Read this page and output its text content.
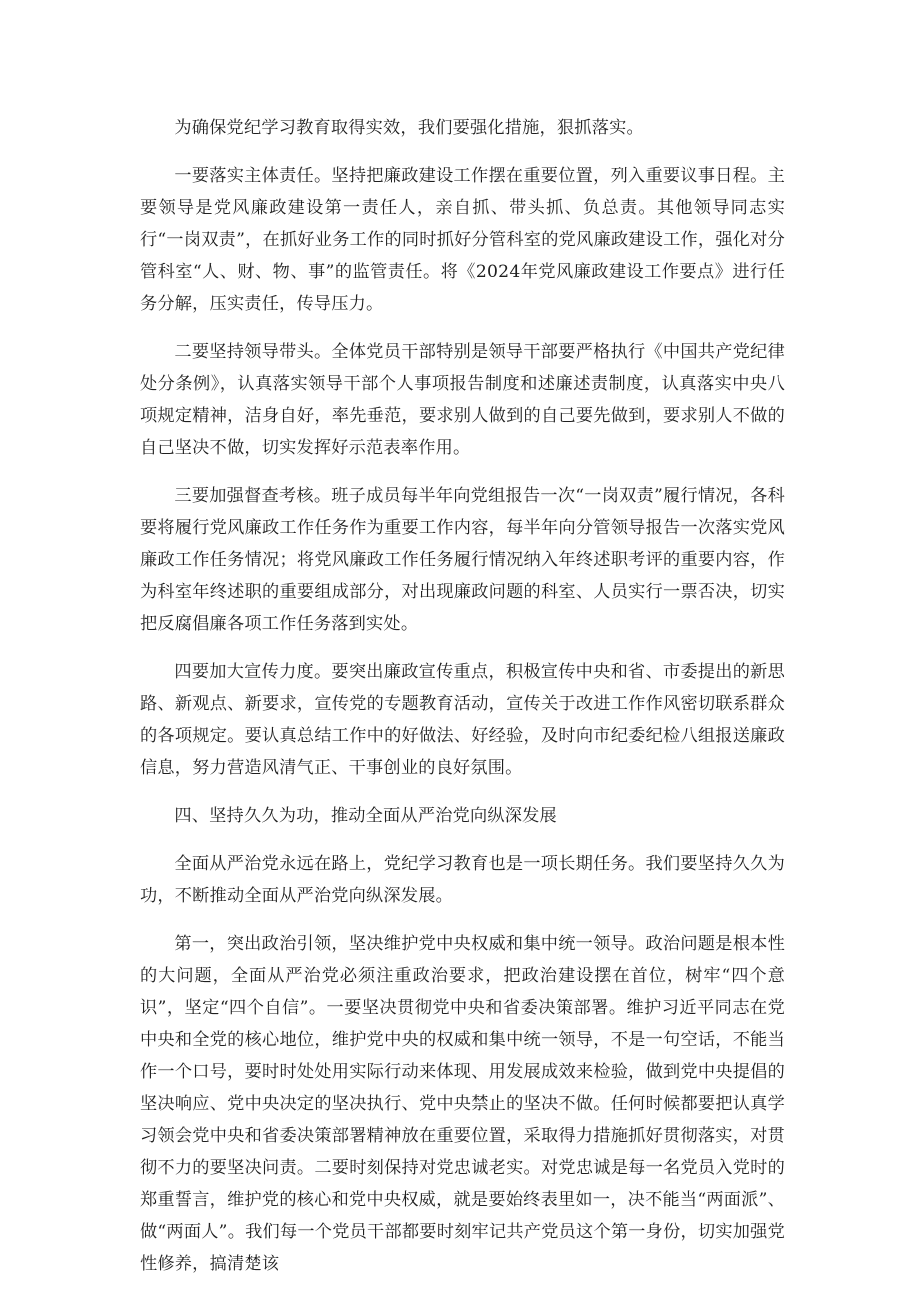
为确保党纪学习教育取得实效，我们要强化措施，狠抓落实。

一要落实主体责任。坚持把廉政建设工作摆在重要位置，列入重要议事日程。主要领导是党风廉政建设第一责任人，亲自抓、带头抓、负总责。其他领导同志实行“一岗双责”，在抓好业务工作的同时抓好分管科室的党风廉政建设工作，强化对分管科室“人、财、物、事”的监管责任。将《2024年党风廉政建设工作要点》进行任务分解，压实责任，传导压力。

二要坚持领导带头。全体党员干部特别是领导干部要严格执行《中国共产党纪律处分条例》，认真落实领导干部个人事项报告制度和述廉述责制度，认真落实中央八项规定精神，洁身自好，率先垂范，要求别人做到的自己要先做到，要求别人不做的自己坚决不做，切实发挥好示范表率作用。

三要加强督查考核。班子成员每半年向党组报告一次“一岗双责”履行情况，各科要将履行党风廉政工作任务作为重要工作内容，每半年向分管领导报告一次落实党风廉政工作任务情况；将党风廉政工作任务履行情况纳入年终述职考评的重要内容，作为科室年终述职的重要组成部分，对出现廉政问题的科室、人员实行一票否决，切实把反腐倡廉各项工作任务落到实处。

四要加大宣传力度。要突出廉政宣传重点，积极宣传中央和省、市委提出的新思路、新观点、新要求，宣传党的专题教育活动，宣传关于改进工作作风密切联系群众的各项规定。要认真总结工作中的好做法、好经验，及时向市纪委纪检八组报送廉政信息，努力营造风清气正、干事创业的良好氛围。

四、坚持久久为功，推动全面从严治党向纵深发展

全面从严治党永远在路上，党纪学习教育也是一项长期任务。我们要坚持久久为功，不断推动全面从严治党向纵深发展。

第一，突出政治引领，坚决维护党中央权威和集中统一领导。政治问题是根本性的大问题，全面从严治党必须注重政治要求，把政治建设摆在首位，树牢“四个意识”，坚定“四个自信”。一要坚决贯彻党中央和省委决策部署。维护习近平同志在党中央和全党的核心地位，维护党中央的权威和集中统一领导，不是一句空话，不能当作一个口号，要时时处处用实际行动来体现、用发展成效来检验，做到党中央提倡的坚决响应、党中央决定的坚决执行、党中央禁止的坚决不做。任何时候都要把认真学习领会党中央和省委决策部署精神放在重要位置，采取得力措施抓好贯彻落实，对贯彻不力的要坚决问责。二要时刻保持对党忠诚老实。对党忠诚是每一名党员入党时的郑重誓言，维护党的核心和党中央权威，就是要始终表里如一，决不能当“两面派”、做“两面人”。我们每一个党员干部都要时刻牢记共产党员这个第一身份，切实加强党性修养，搞清楚该
